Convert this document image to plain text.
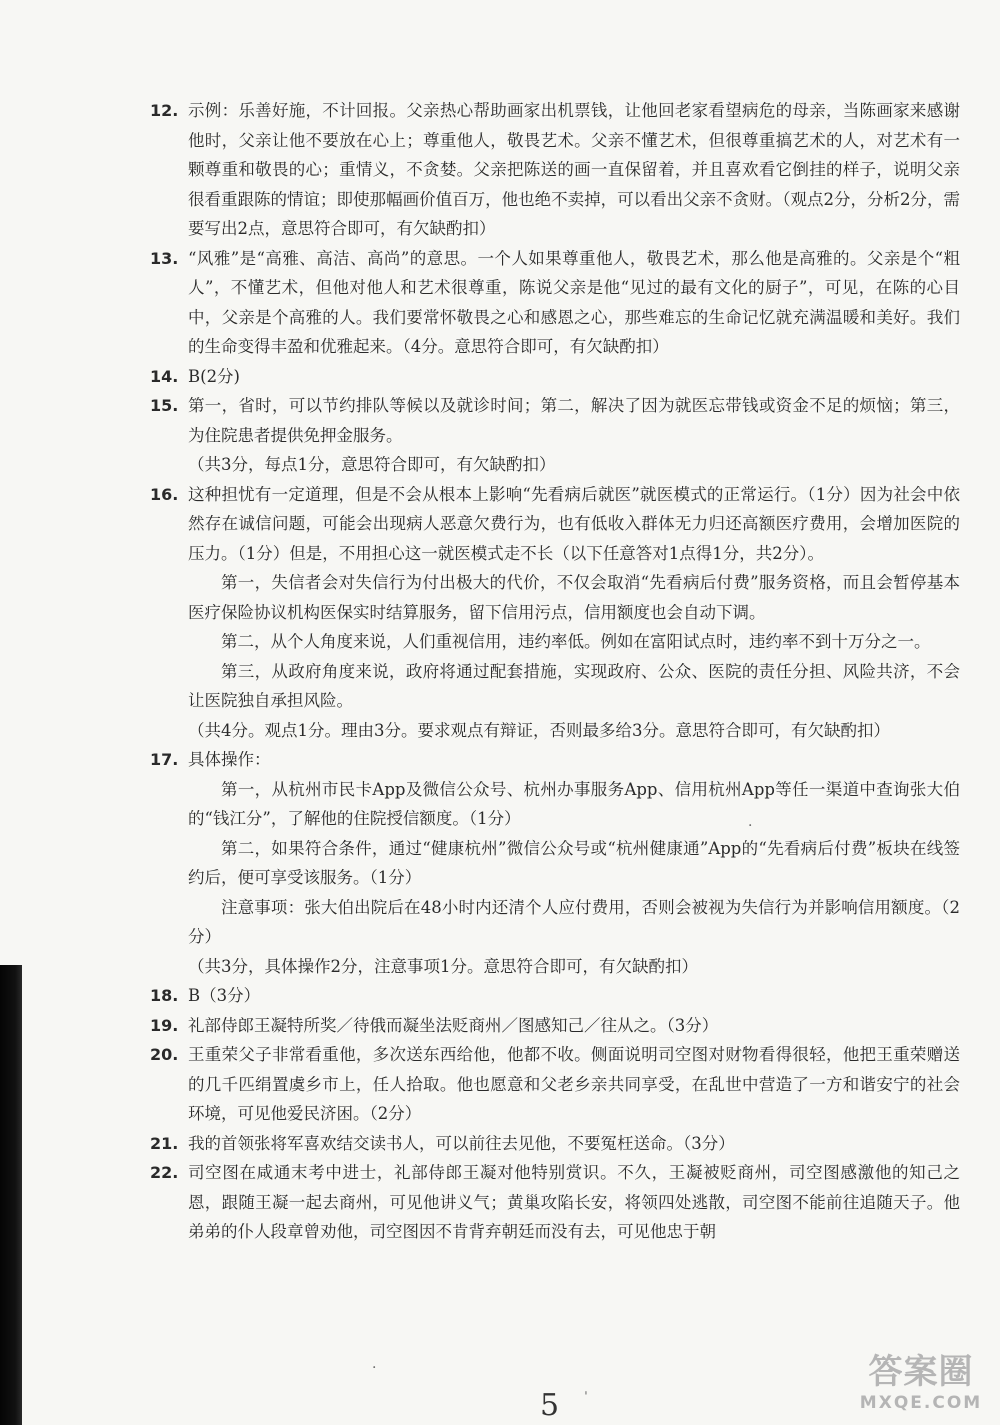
12. 示例：乐善好施，不计回报。父亲热心帮助画家出机票钱，让他回老家看望病危的母亲，当陈画家来感谢他时，父亲让他不要放在心上；尊重他人，敬畏艺术。父亲不懂艺术，但很尊重搞艺术的人，对艺术有一颗尊重和敬畏的心；重情义，不贪婪。父亲把陈送的画一直保留着，并且喜欢看它倒挂的样子，说明父亲很看重跟陈的情谊；即使那幅画价值百万，他也绝不卖掉，可以看出父亲不贪财。（观点2分，分析2分，需要写出2点，意思符合即可，有欠缺酌扣）

13. “风雅”是“高雅、高洁、高尚”的意思。一个人如果尊重他人，敬畏艺术，那么他是高雅的。父亲是个“粗人”，不懂艺术，但他对他人和艺术很尊重，陈说父亲是他“见过的最有文化的厨子”，可见，在陈的心目中，父亲是个高雅的人。我们要常怀敬畏之心和感恩之心，那些难忘的生命记忆就充满温暖和美好。我们的生命变得丰盈和优雅起来。（4分。意思符合即可，有欠缺酌扣）

14. B(2分)

15. 第一，省时，可以节约排队等候以及就诊时间；第二，解决了因为就医忘带钱或资金不足的烦恼；第三，为住院患者提供免押金服务。

（共3分，每点1分，意思符合即可，有欠缺酌扣）

16. 这种担忧有一定道理，但是不会从根本上影响“先看病后就医”就医模式的正常运行。（1分）因为社会中依然存在诚信问题，可能会出现病人恶意欠费行为，也有低收入群体无力归还高额医疗费用，会增加医院的压力。（1分）但是，不用担心这一就医模式走不长（以下任意答对1点得1分，共2分）。

第一，失信者会对失信行为付出极大的代价，不仅会取消“先看病后付费”服务资格，而且会暂停基本医疗保险协议机构医保实时结算服务，留下信用污点，信用额度也会自动下调。

第二，从个人角度来说，人们重视信用，违约率低。例如在富阳试点时，违约率不到十万分之一。

第三，从政府角度来说，政府将通过配套措施，实现政府、公众、医院的责任分担、风险共济，不会让医院独自承担风险。

（共4分。观点1分。理由3分。要求观点有辩证，否则最多给3分。意思符合即可，有欠缺酌扣）

17. 具体操作：

第一，从杭州市民卡App及微信公众号、杭州办事服务App、信用杭州App等任一渠道中查询张大伯的“钱江分”，了解他的住院授信额度。（1分）

第二，如果符合条件，通过“健康杭州”微信公众号或“杭州健康通”App的“先看病后付费”板块在线签约后，便可享受该服务。（1分）

注意事项：张大伯出院后在48小时内还清个人应付费用，否则会被视为失信行为并影响信用额度。（2分）

（共3分，具体操作2分，注意事项1分。意思符合即可，有欠缺酌扣）

18. B（3分）

19. 礼部侍郎王凝特所奖／待俄而凝坐法贬商州／图感知己／往从之。（3分）

20. 王重荣父子非常看重他，多次送东西给他，他都不收。侧面说明司空图对财物看得很轻，他把王重荣赠送的几千匹绢置虞乡市上，任人拾取。他也愿意和父老乡亲共同享受，在乱世中营造了一方和谐安宁的社会环境，可见他爱民济困。（2分）

21. 我的首领张将军喜欢结交读书人，可以前往去见他，不要冤枉送命。（3分）

22. 司空图在咸通末考中进士，礼部侍郎王凝对他特别赏识。不久，王凝被贬商州，司空图感激他的知己之恩，跟随王凝一起去商州，可见他讲义气；黄巢攻陷长安，将领四处逃散，司空图不能前往追随天子。他弟弟的仆人段章曾劝他，司空图因不肯背弃朝廷而没有去，可见他忠于朝

·
·
ˈ
5
答案圈
MXQE.COM
